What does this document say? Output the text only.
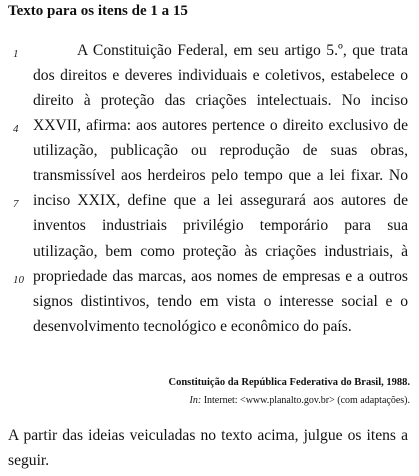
Texto para os itens de 1 a 15
1
4
7
10
A Constituição Federal, em seu artigo 5.º, que trata
dos direitos e deveres individuais e coletivos, estabelece o
direito à proteção das criações intelectuais. No inciso
XXVII, afirma: aos autores pertence o direito exclusivo de
utilização, publicação ou reprodução de suas obras,
transmissível aos herdeiros pelo tempo que a lei fixar. No
inciso XXIX, define que a lei assegurará aos autores de
inventos industriais privilégio temporário para sua
utilização, bem como proteção às criações industriais, à
propriedade das marcas, aos nomes de empresas e a outros
signos distintivos, tendo em vista o interesse social e o
desenvolvimento tecnológico e econômico do país.
Constituição da República Federativa do Brasil, 1988.
In: Internet: <www.planalto.gov.br> (com adaptações).
A partir das ideias veiculadas no texto acima, julgue os itens a
seguir.
